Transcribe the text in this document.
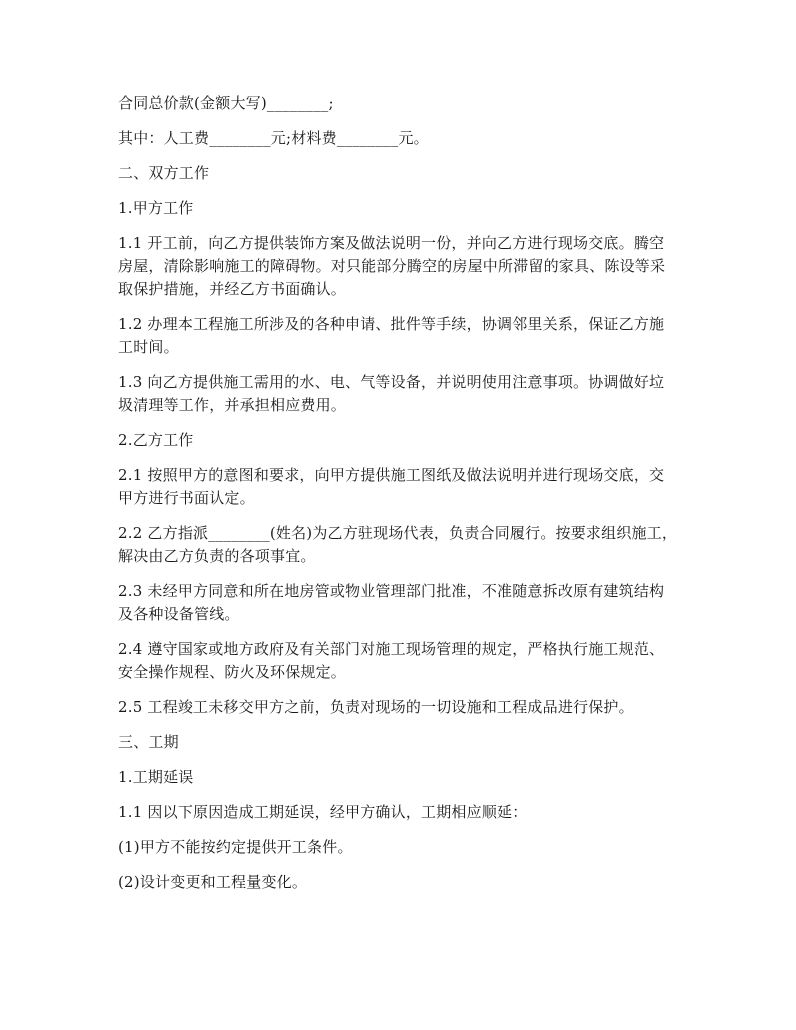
合同总价款(金额大写)________;

其中：人工费________元;材料费________元。

二、双方工作

1.甲方工作

1.1 开工前，向乙方提供装饰方案及做法说明一份，并向乙方进行现场交底。腾空房屋，清除影响施工的障碍物。对只能部分腾空的房屋中所滞留的家具、陈设等采取保护措施，并经乙方书面确认。

1.2 办理本工程施工所涉及的各种申请、批件等手续，协调邻里关系，保证乙方施工时间。

1.3 向乙方提供施工需用的水、电、气等设备，并说明使用注意事项。协调做好垃圾清理等工作，并承担相应费用。

2.乙方工作

2.1 按照甲方的意图和要求，向甲方提供施工图纸及做法说明并进行现场交底，交甲方进行书面认定。

2.2 乙方指派________(姓名)为乙方驻现场代表，负责合同履行。按要求组织施工，解决由乙方负责的各项事宜。

2.3 未经甲方同意和所在地房管或物业管理部门批准，不准随意拆改原有建筑结构及各种设备管线。

2.4 遵守国家或地方政府及有关部门对施工现场管理的规定，严格执行施工规范、安全操作规程、防火及环保规定。

2.5 工程竣工未移交甲方之前，负责对现场的一切设施和工程成品进行保护。

三、工期

1.工期延误

1.1 因以下原因造成工期延误，经甲方确认，工期相应顺延：

(1)甲方不能按约定提供开工条件。

(2)设计变更和工程量变化。
